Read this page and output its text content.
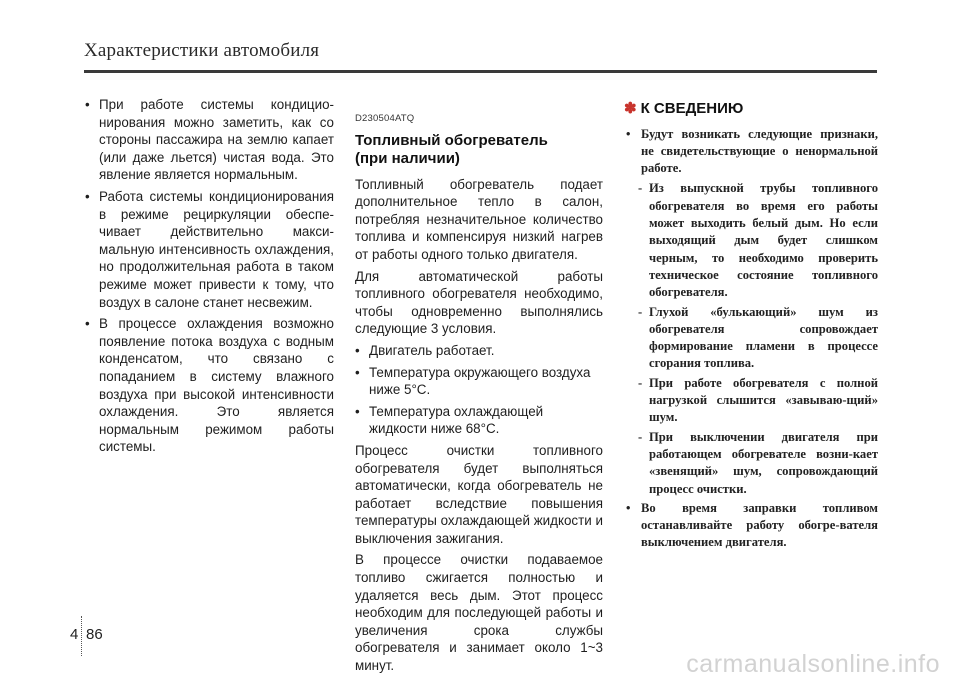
Характеристики автомобиля
• При работе системы кондицио-нирования можно заметить, как со стороны пассажира на землю капает (или даже льется) чистая вода. Это явление является нормальным.
• Работа системы кондиционирования в режиме рециркуляции обеспе-чивает действительно макси-мальную интенсивность охлаждения, но продолжительная работа в таком режиме может привести к тому, что воздух в салоне станет несвежим.
• В процессе охлаждения возможно появление потока воздуха с водным конденсатом, что связано с попаданием в систему влажного воздуха при высокой интенсивности охлаждения. Это является нормальным режимом работы системы.
D230504ATQ
Топливный обогреватель
(при наличии)

Топливный обогреватель подает дополнительное тепло в салон, потребляя незначительное количество топлива и компенсируя низкий нагрев от работы одного только двигателя.

Для автоматической работы топливного обогревателя необходимо, чтобы одновременно выполнялись следующие 3 условия.

• Двигатель работает.
• Температура окружающего воздуха ниже 5°C.
• Температура охлаждающей жидкости ниже 68°C.

Процесс очистки топливного обогревателя будет выполняться автоматически, когда обогреватель не работает вследствие повышения температуры охлаждающей жидкости и выключения зажигания.

В процессе очистки подаваемое топливо сжигается полностью и удаляется весь дым. Этот процесс необходим для последующей работы и увеличения срока службы обогревателя и занимает около 1~3 минут.

✽ К СВЕДЕНИЮ
• Будут возникать следующие признаки, не свидетельствующие о ненормальной работе.
- Из выпускной трубы топливного обогревателя во время его работы может выходить белый дым. Но если выходящий дым будет слишком черным, то необходимо проверить техническое состояние топливного обогревателя.
- Глухой «булькающий» шум из обогревателя сопровождает формирование пламени в процессе сгорания топлива.
- При работе обогревателя с полной нагрузкой слышится «завываю-щий» шум.
- При выключении двигателя при работающем обогревателе возни-кает «звенящий» шум, сопровождающий процесс очистки.
• Во время заправки топливом останавливайте работу обогре-вателя выключением двигателя.
4 86
carmanualsonline.info
